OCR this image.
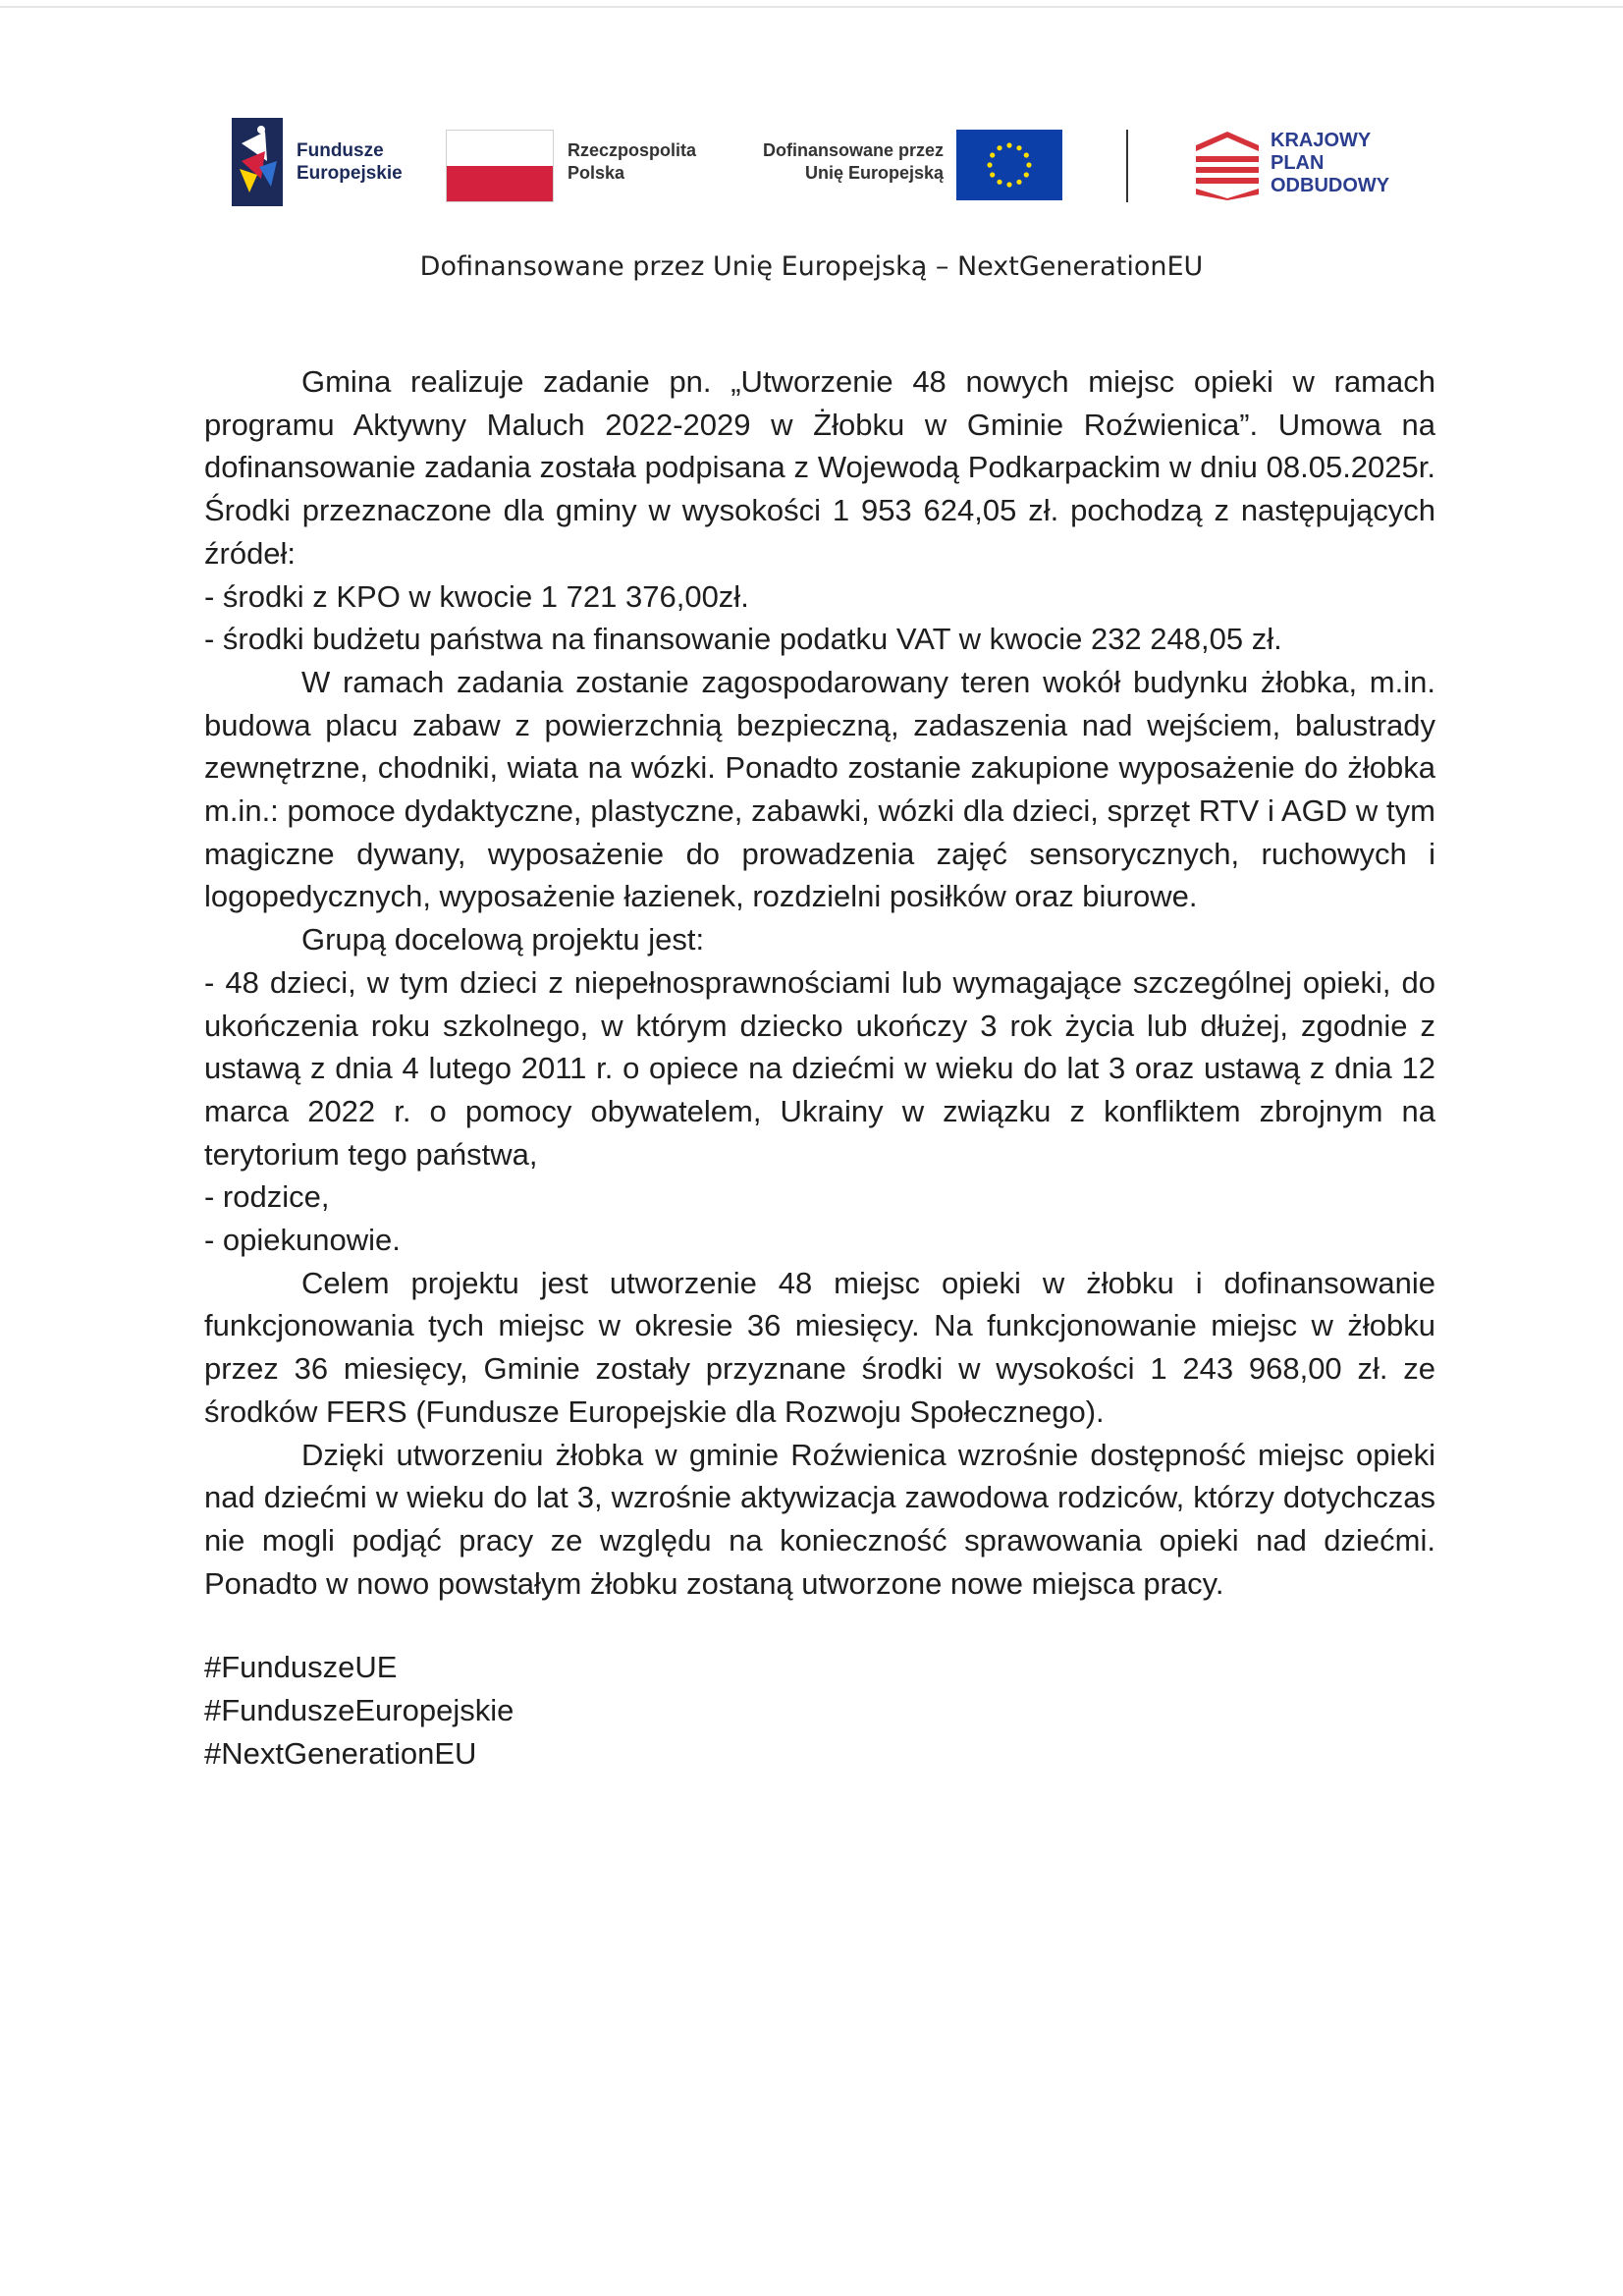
Fundusze
Europejskie
Rzeczpospolita
Polska
Dofinansowane przez
Unię Europejską
KRAJOWY
PLAN
ODBUDOWY
Dofinansowane przez Unię Europejską – NextGenerationEU

Gmina realizuje zadanie pn. „Utworzenie 48 nowych miejsc opieki w ramach programu Aktywny Maluch 2022-2029 w Żłobku w Gminie Roźwienica”. Umowa na dofinansowanie zadania została podpisana z Wojewodą Podkarpackim w dniu 08.05.2025r. Środki przeznaczone dla gminy w wysokości 1 953 624,05 zł. pochodzą z następujących źródeł:

- środki z KPO w kwocie 1 721 376,00zł.

- środki budżetu państwa na finansowanie podatku VAT w kwocie 232 248,05 zł.

W ramach zadania zostanie zagospodarowany teren wokół budynku żłobka, m.in. budowa placu zabaw z powierzchnią bezpieczną, zadaszenia nad wejściem, balustrady zewnętrzne, chodniki, wiata na wózki. Ponadto zostanie zakupione wyposażenie do żłobka m.in.: pomoce dydaktyczne, plastyczne, zabawki, wózki dla dzieci, sprzęt RTV i AGD w tym magiczne dywany, wyposażenie do prowadzenia zajęć sensorycznych, ruchowych i logopedycznych, wyposażenie łazienek, rozdzielni posiłków oraz biurowe.

Grupą docelową projektu jest:

- 48 dzieci, w tym dzieci z niepełnosprawnościami lub wymagające szczególnej opieki, do ukończenia roku szkolnego, w którym dziecko ukończy 3 rok życia lub dłużej, zgodnie z ustawą z dnia 4 lutego 2011 r. o opiece na dziećmi w wieku do lat 3 oraz ustawą z dnia 12 marca 2022 r. o pomocy obywatelem, Ukrainy w związku z konfliktem zbrojnym na terytorium tego państwa,

- rodzice,

- opiekunowie.

Celem projektu jest utworzenie 48 miejsc opieki w żłobku i dofinansowanie funkcjonowania tych miejsc w okresie 36 miesięcy. Na funkcjonowanie miejsc w żłobku przez 36 miesięcy, Gminie zostały przyznane środki w wysokości 1 243 968,00 zł. ze środków FERS (Fundusze Europejskie dla Rozwoju Społecznego).

Dzięki utworzeniu żłobka w gminie Roźwienica wzrośnie dostępność miejsc opieki nad dziećmi w wieku do lat 3, wzrośnie aktywizacja zawodowa rodziców, którzy dotychczas nie mogli podjąć pracy ze względu na konieczność sprawowania opieki nad dziećmi. Ponadto w nowo powstałym żłobku zostaną utworzone nowe miejsca pracy.

#FunduszeUE

#FunduszeEuropejskie

#NextGenerationEU
